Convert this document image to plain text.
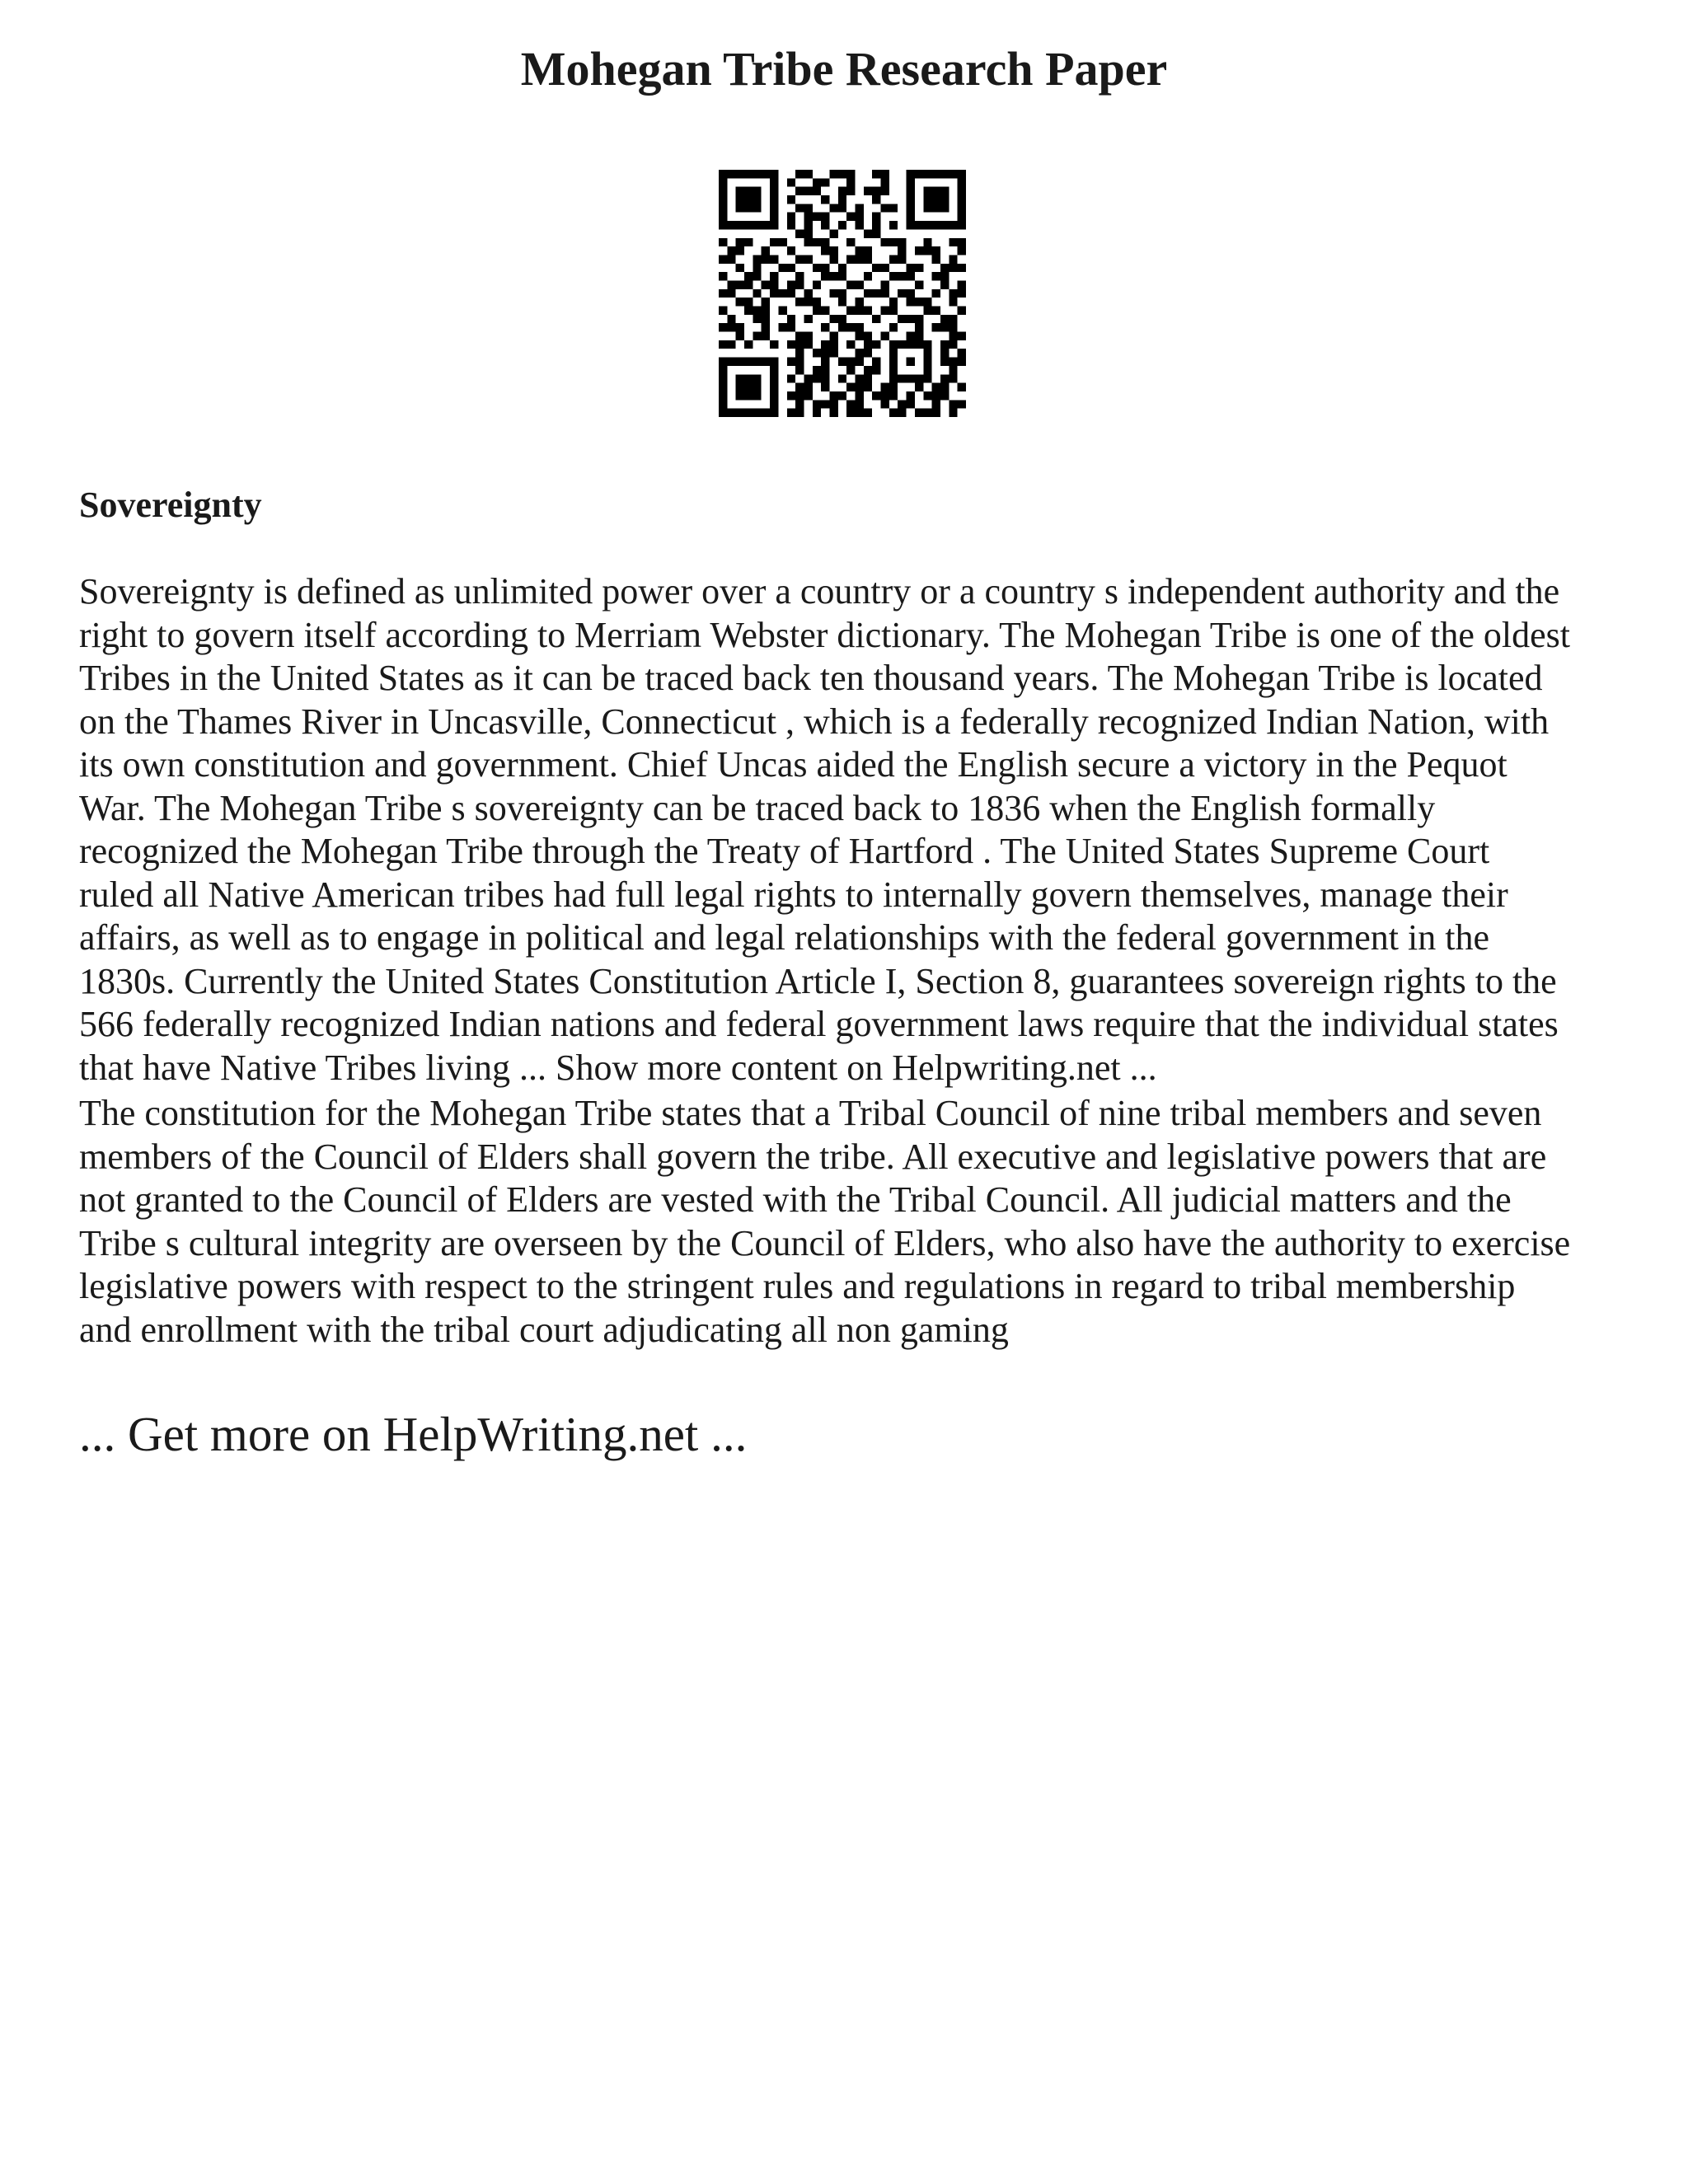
Mohegan Tribe Research Paper
Sovereignty

Sovereignty is defined as unlimited power over a country or a country s independent authority and the
right to govern itself according to Merriam Webster dictionary. The Mohegan Tribe is one of the oldest
Tribes in the United States as it can be traced back ten thousand years. The Mohegan Tribe is located
on the Thames River in Uncasville, Connecticut , which is a federally recognized Indian Nation, with
its own constitution and government. Chief Uncas aided the English secure a victory in the Pequot
War. The Mohegan Tribe s sovereignty can be traced back to 1836 when the English formally
recognized the Mohegan Tribe through the Treaty of Hartford . The United States Supreme Court
ruled all Native American tribes had full legal rights to internally govern themselves, manage their
affairs, as well as to engage in political and legal relationships with the federal government in the
1830s. Currently the United States Constitution Article I, Section 8, guarantees sovereign rights to the
566 federally recognized Indian nations and federal government laws require that the individual states
that have Native Tribes living ... Show more content on Helpwriting.net ...

The constitution for the Mohegan Tribe states that a Tribal Council of nine tribal members and seven
members of the Council of Elders shall govern the tribe. All executive and legislative powers that are
not granted to the Council of Elders are vested with the Tribal Council. All judicial matters and the
Tribe s cultural integrity are overseen by the Council of Elders, who also have the authority to exercise
legislative powers with respect to the stringent rules and regulations in regard to tribal membership
and enrollment with the tribal court adjudicating all non gaming

... Get more on HelpWriting.net ...
